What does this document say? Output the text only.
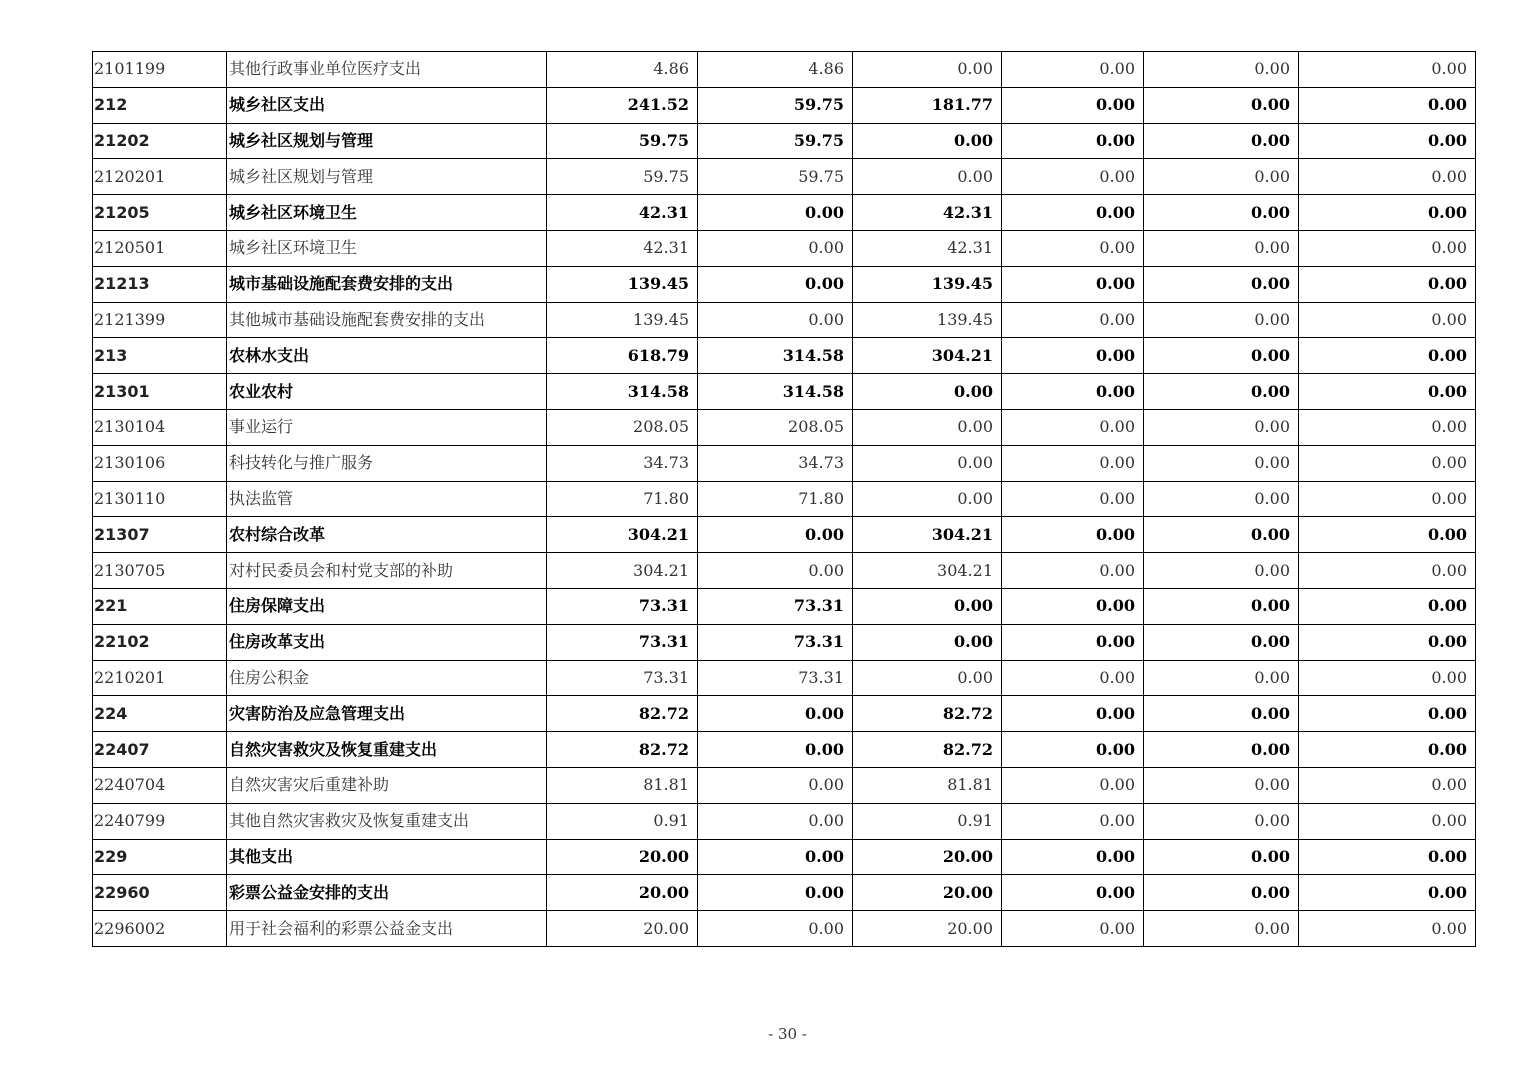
2101199	其他行政事业单位医疗支出	4.86	4.86	0.00	0.00	0.00	0.00
212	城乡社区支出	241.52	59.75	181.77	0.00	0.00	0.00
21202	城乡社区规划与管理	59.75	59.75	0.00	0.00	0.00	0.00
2120201	城乡社区规划与管理	59.75	59.75	0.00	0.00	0.00	0.00
21205	城乡社区环境卫生	42.31	0.00	42.31	0.00	0.00	0.00
2120501	城乡社区环境卫生	42.31	0.00	42.31	0.00	0.00	0.00
21213	城市基础设施配套费安排的支出	139.45	0.00	139.45	0.00	0.00	0.00
2121399	其他城市基础设施配套费安排的支出	139.45	0.00	139.45	0.00	0.00	0.00
213	农林水支出	618.79	314.58	304.21	0.00	0.00	0.00
21301	农业农村	314.58	314.58	0.00	0.00	0.00	0.00
2130104	事业运行	208.05	208.05	0.00	0.00	0.00	0.00
2130106	科技转化与推广服务	34.73	34.73	0.00	0.00	0.00	0.00
2130110	执法监管	71.80	71.80	0.00	0.00	0.00	0.00
21307	农村综合改革	304.21	0.00	304.21	0.00	0.00	0.00
2130705	对村民委员会和村党支部的补助	304.21	0.00	304.21	0.00	0.00	0.00
221	住房保障支出	73.31	73.31	0.00	0.00	0.00	0.00
22102	住房改革支出	73.31	73.31	0.00	0.00	0.00	0.00
2210201	住房公积金	73.31	73.31	0.00	0.00	0.00	0.00
224	灾害防治及应急管理支出	82.72	0.00	82.72	0.00	0.00	0.00
22407	自然灾害救灾及恢复重建支出	82.72	0.00	82.72	0.00	0.00	0.00
2240704	自然灾害灾后重建补助	81.81	0.00	81.81	0.00	0.00	0.00
2240799	其他自然灾害救灾及恢复重建支出	0.91	0.00	0.91	0.00	0.00	0.00
229	其他支出	20.00	0.00	20.00	0.00	0.00	0.00
22960	彩票公益金安排的支出	20.00	0.00	20.00	0.00	0.00	0.00
2296002	用于社会福利的彩票公益金支出	20.00	0.00	20.00	0.00	0.00	0.00
- 30 -
